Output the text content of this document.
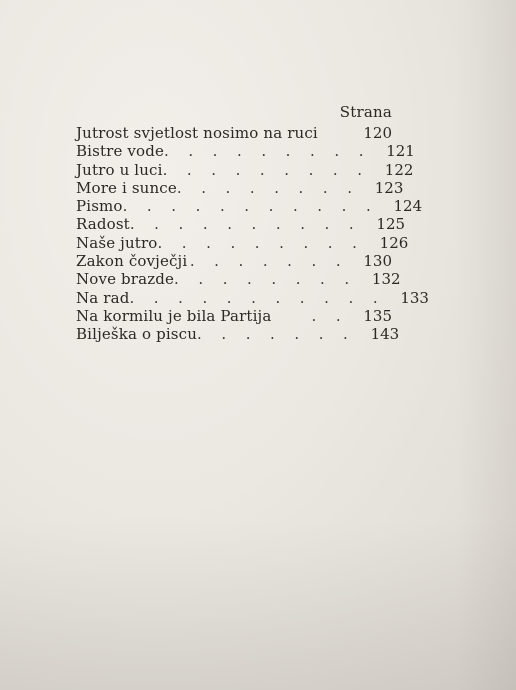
Strana
Jutrost svjetlost nosimo na ruci	120
Bistre vode . . . . . . . . .	121
Jutro u luci . . . . . . . . .	122
More i sunce . . . . . . . .	123
Pismo . . . . . . . . . . .	124
Radost . . . . . . . . . .	125
Naše jutro . . . . . . . . .	126
Zakon čovječji . . . . . . .	130
Nove brazde . . . . . . . .	132
Na rad . . . . . . . . . . .	133
Na kormilu je bila Partija	. .	135
Bilješka o piscu . . . . . . .	143
